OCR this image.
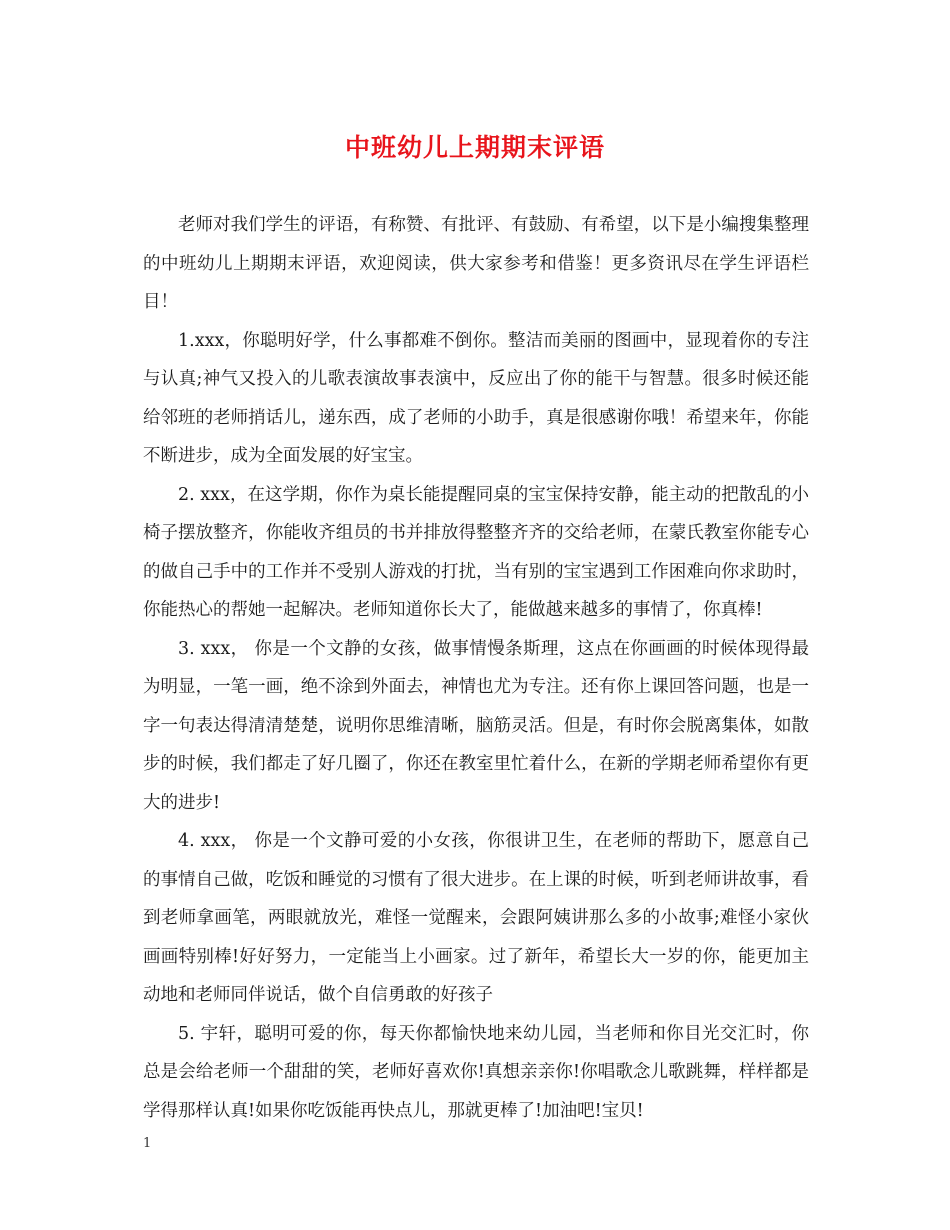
中班幼儿上期期末评语

老师对我们学生的评语，有称赞、有批评、有鼓励、有希望，以下是小编搜集整理的中班幼儿上期期末评语，欢迎阅读，供大家参考和借鉴！更多资讯尽在学生评语栏目！

1.xxx，你聪明好学，什么事都难不倒你。整洁而美丽的图画中，显现着你的专注与认真;神气又投入的儿歌表演故事表演中，反应出了你的能干与智慧。很多时候还能给邻班的老师捎话儿，递东西，成了老师的小助手，真是很感谢你哦！希望来年，你能不断进步，成为全面发展的好宝宝。

2. xxx，在这学期，你作为桌长能提醒同桌的宝宝保持安静，能主动的把散乱的小椅子摆放整齐，你能收齐组员的书并排放得整整齐齐的交给老师，在蒙氏教室你能专心的做自己手中的工作并不受别人游戏的打扰，当有别的宝宝遇到工作困难向你求助时，你能热心的帮她一起解决。老师知道你长大了，能做越来越多的事情了，你真棒!

3. xxx， 你是一个文静的女孩，做事情慢条斯理，这点在你画画的时候体现得最为明显，一笔一画，绝不涂到外面去，神情也尤为专注。还有你上课回答问题，也是一字一句表达得清清楚楚，说明你思维清晰，脑筋灵活。但是，有时你会脱离集体，如散步的时候，我们都走了好几圈了，你还在教室里忙着什么，在新的学期老师希望你有更大的进步!

4. xxx， 你是一个文静可爱的小女孩，你很讲卫生，在老师的帮助下，愿意自己的事情自己做，吃饭和睡觉的习惯有了很大进步。在上课的时候，听到老师讲故事，看到老师拿画笔，两眼就放光，难怪一觉醒来，会跟阿姨讲那么多的小故事;难怪小家伙画画特别棒!好好努力，一定能当上小画家。过了新年，希望长大一岁的你，能更加主动地和老师同伴说话，做个自信勇敢的好孩子

5. 宇轩，聪明可爱的你，每天你都愉快地来幼儿园，当老师和你目光交汇时，你总是会给老师一个甜甜的笑，老师好喜欢你!真想亲亲你!你唱歌念儿歌跳舞，样样都是学得那样认真!如果你吃饭能再快点儿，那就更棒了!加油吧!宝贝!

1
